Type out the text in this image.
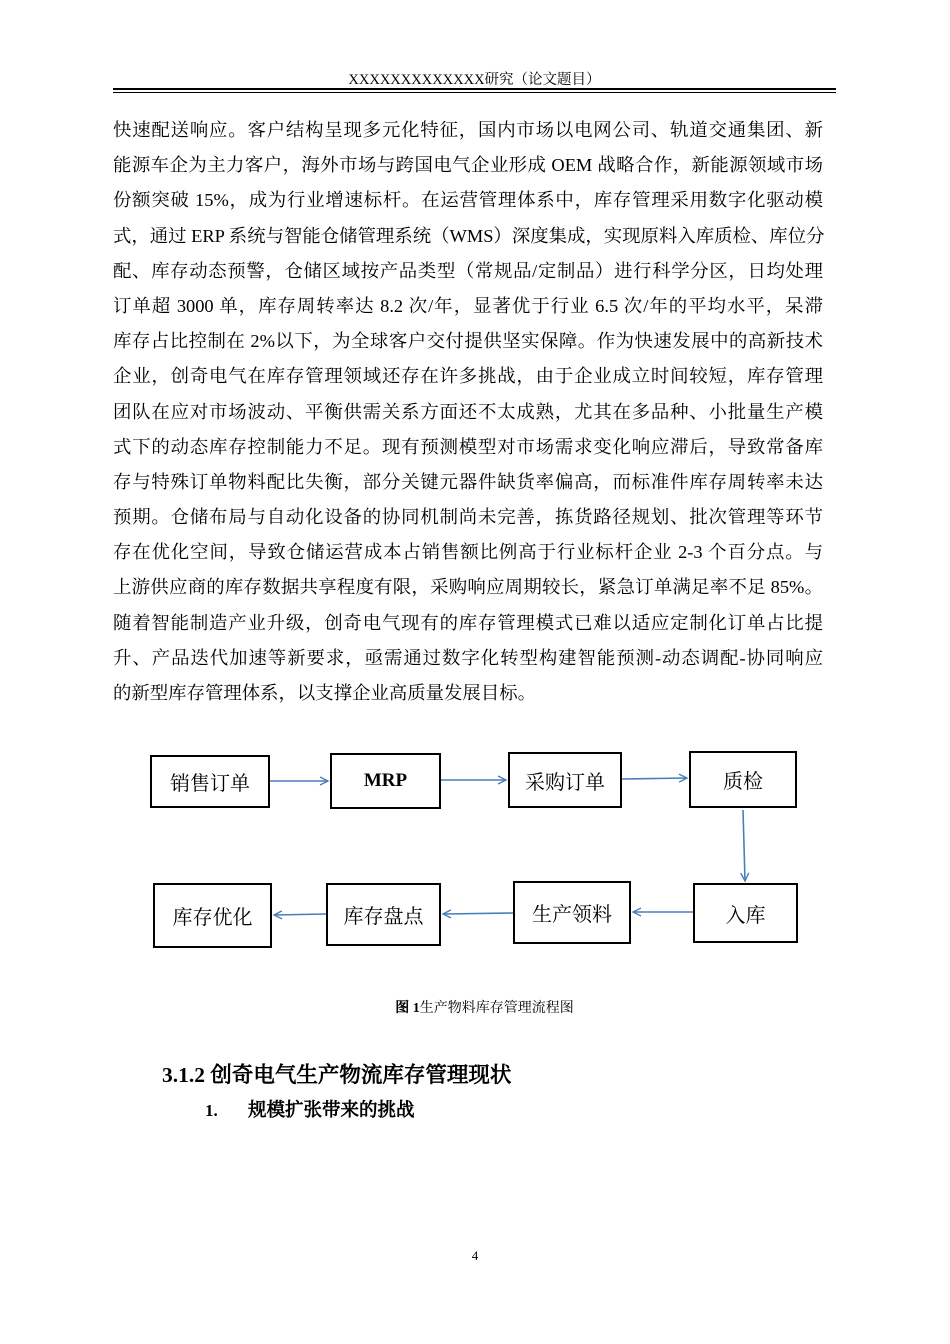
XXXXXXXXXXXXX研究（论文题目）
快速配送响应。客户结构呈现多元化特征，国内市场以电网公司、轨道交通集团、新
能源车企为主力客户，海外市场与跨国电气企业形成 OEM 战略合作，新能源领域市场
份额突破 15%，成为行业增速标杆。在运营管理体系中，库存管理采用数字化驱动模
式，通过 ERP 系统与智能仓储管理系统（WMS）深度集成，实现原料入库质检、库位分
配、库存动态预警，仓储区域按产品类型（常规品/定制品）进行科学分区，日均处理
订单超 3000 单，库存周转率达 8.2 次/年，显著优于行业 6.5 次/年的平均水平，呆滞
库存占比控制在 2%以下，为全球客户交付提供坚实保障。作为快速发展中的高新技术
企业，创奇电气在库存管理领域还存在许多挑战，由于企业成立时间较短，库存管理
团队在应对市场波动、平衡供需关系方面还不太成熟，尤其在多品种、小批量生产模
式下的动态库存控制能力不足。现有预测模型对市场需求变化响应滞后，导致常备库
存与特殊订单物料配比失衡，部分关键元器件缺货率偏高，而标准件库存周转率未达
预期。仓储布局与自动化设备的协同机制尚未完善，拣货路径规划、批次管理等环节
存在优化空间，导致仓储运营成本占销售额比例高于行业标杆企业 2-3 个百分点。与
上游供应商的库存数据共享程度有限，采购响应周期较长，紧急订单满足率不足 85%。
随着智能制造产业升级，创奇电气现有的库存管理模式已难以适应定制化订单占比提
升、产品迭代加速等新要求，亟需通过数字化转型构建智能预测-动态调配-协同响应
的新型库存管理体系，以支撑企业高质量发展目标。
销售订单	MRP	采购订单	质检
入库
生产领料
库存盘点
库存优化
图 1生产物料库存管理流程图
3.1.2 创奇电气生产物流库存管理现状
1. 规模扩张带来的挑战
4
